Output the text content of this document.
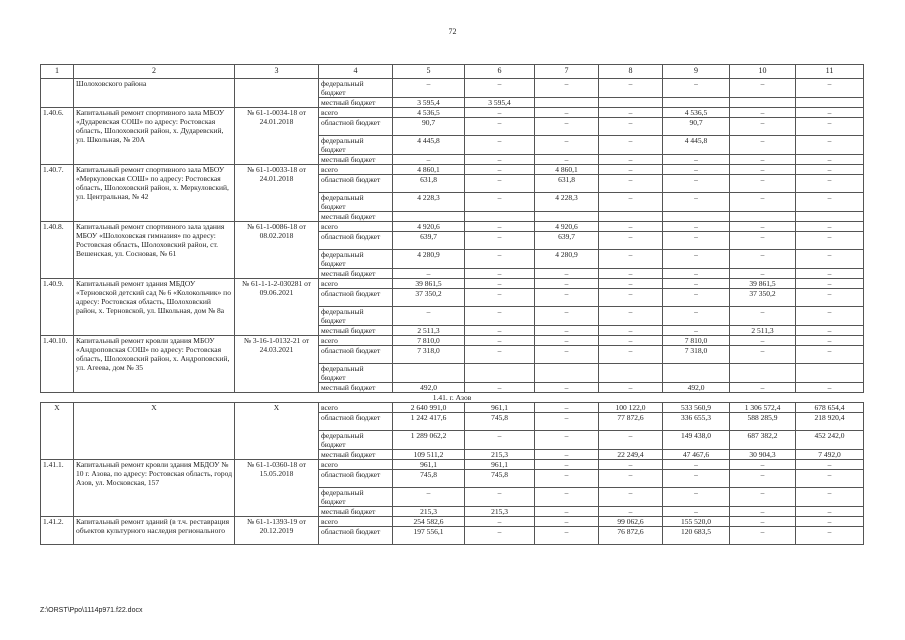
72
1	2	3	4	5	6	7	8	9	10	11
	Шолоховского района		федеральный бюджет	–	–	–	–	–	–	–
			местный бюджет	3 595,4	3 595,4					
1.40.6.	Капитальный ремонт спортивного зала МБОУ «Дударевская СОШ» по адресу: Ростовская область, Шолоховский район, х. Дударевский, ул. Школьная, № 20А	№ 61-1-0034-18 от 24.01.2018	всего	4 536,5	–	–	–	4 536,5	–	–
			областной бюджет	90,7	–	–	–	90,7	–	–
			федеральный бюджет	4 445,8	–	–	–	4 445,8	–	–
			местный бюджет	–	–	–	–	–	–	–
1.40.7.	Капитальный ремонт спортивного зала МБОУ «Меркуловская СОШ» по адресу: Ростовская область, Шолоховский район, х. Меркуловский, ул. Центральная, № 42	№ 61-1-0033-18 от 24.01.2018	всего	4 860,1	–	4 860,1	–	–	–	–
			областной бюджет	631,8	–	631,8	–	–	–	–
			федеральный бюджет	4 228,3	–	4 228,3	–	–	–	–
			местный бюджет							
1.40.8.	Капитальный ремонт спортивного зала здания МБОУ «Шолоховская гимназия» по адресу: Ростовская область, Шолоховский район, ст. Вешенская, ул. Сосновая, № 61	№ 61-1-0086-18 от 08.02.2018	всего	4 920,6	–	4 920,6	–	–	–	–
			областной бюджет	639,7	–	639,7	–	–	–	–
			федеральный бюджет	4 280,9	–	4 280,9	–	–	–	–
			местный бюджет	–	–	–	–	–	–	–
1.40.9.	Капитальный ремонт здания МБДОУ «Терновской детский сад № 6 «Колокольчик» по адресу: Ростовская область, Шолоховский район, х. Терновской, ул. Школьная, дом № 8а	№ 61-1-1-2-030281 от 09.06.2021	всего	39 861,5	–	–	–	–	39 861,5	–
			областной бюджет	37 350,2	–	–	–	–	37 350,2	–
			федеральный бюджет	–	–	–	–	–	–	–
			местный бюджет	2 511,3	–	–	–	–	2 511,3	–
1.40.10.	Капитальный ремонт кровли здания МБОУ «Андроповская СОШ» по адресу: Ростовская область, Шолоховский район, х. Андроповский, ул. Агеева, дом № 35	№ 3-16-1-0132-21 от 24.03.2021	всего	7 810,0	–	–	–	7 810,0	–	–
			областной бюджет	7 318,0	–	–	–	7 318,0	–	–
			федеральный бюджет							
			местный бюджет	492,0	–	–	–	492,0	–	–
1.41. г. Азов										
Х	Х	Х	всего	2 640 991,0	961,1	–	100 122,0	533 560,9	1 306 572,4	678 654,4
			областной бюджет	1 242 417,6	745,8	–	77 872,6	336 655,3	588 285,9	218 920,4
			федеральный бюджет	1 289 062,2	–	–	–	149 438,0	687 382,2	452 242,0
			местный бюджет	109 511,2	215,3	–	22 249,4	47 467,6	30 904,3	7 492,0
1.41.1.	Капитальный ремонт кровли здания МБДОУ № 10 г. Азова, по адресу: Ростовская область, город Азов, ул. Московская, 157	№ 61-1-0360-18 от 15.05.2018	всего	961,1	961,1	–	–	–	–	–
			областной бюджет	745,8	745,8	–	–	–	–	–
			федеральный бюджет	–	–	–	–	–	–	–
			местный бюджет	215,3	215,3	–	–	–	–	–
1.41.2.	Капитальный ремонт зданий (в т.ч. реставрация объектов культурного наследия регионального	№ 61-1-1393-19 от 20.12.2019	всего	254 582,6	–	–	99 062,6	155 520,0	–	–
			областной бюджет	197 556,1	–	–	76 872,6	120 683,5	–	–
Z:\ORST\Ppo\1114p971.f22.docx
